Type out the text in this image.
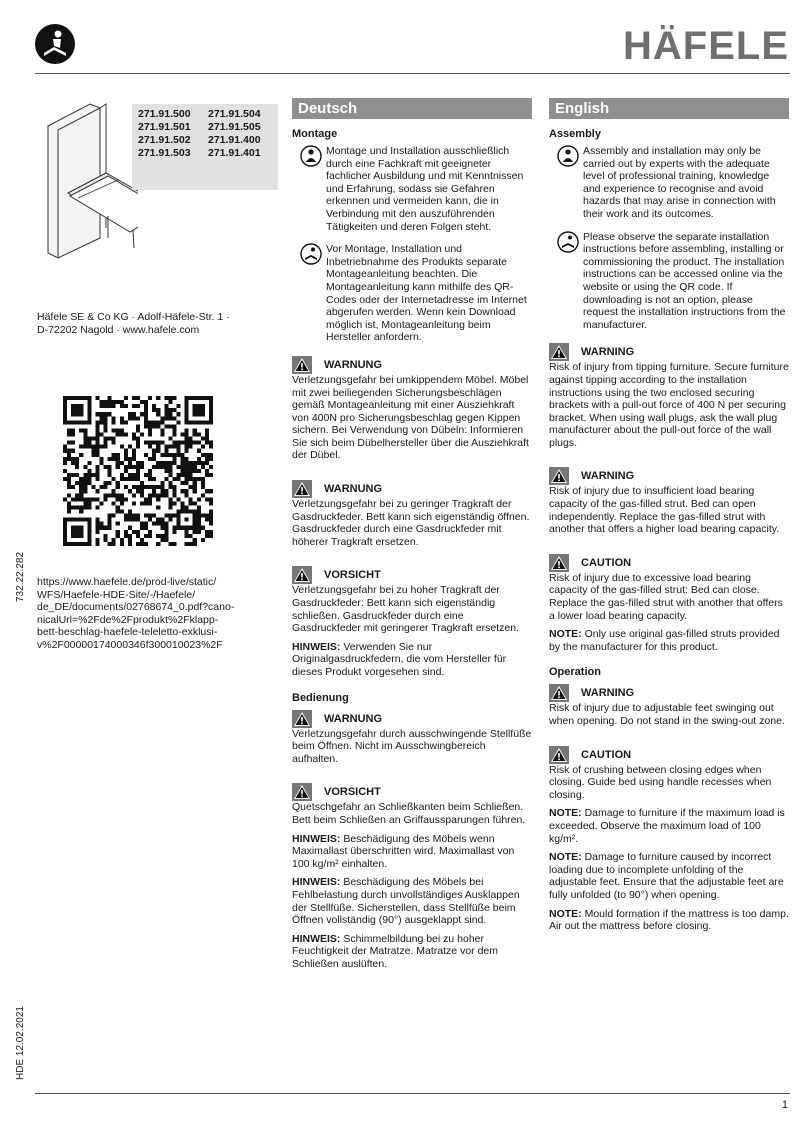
HÄFELE
271.91.500	271.91.504
271.91.501	271.91.505
271.91.502	271.91.400
271.91.503	271.91.401
Häfele SE & Co KG · Adolf-Häfele-Str. 1 ·
D-72202 Nagold · www.hafele.com
https://www.haefele.de/prod-live/static/
WFS/Haefele-HDE-Site/-/Haefele/
de_DE/documents/02768674_0.pdf?cano-
nicalUrl=%2Fde%2Fprodukt%2Fklapp-
bett-beschlag-haefele-teleletto-exklusi-
v%2F00000174000346f300010023%2F
732.22.282
HDE 12.02.2021
Deutsch
Montage
Montage und Installation ausschließlich durch eine Fachkraft mit geeigneter fachlicher Ausbildung und mit Kenntnissen und Erfahrung, sodass sie Gefahren erkennen und vermeiden kann, die in Verbindung mit den auszuführenden Tätigkeiten und deren Folgen steht.
Vor Montage, Installation und Inbetriebnahme des Produkts separate Montageanleitung beachten. Die Montageanleitung kann mithilfe des QR-Codes oder der Internetadresse im Internet abgerufen werden. Wenn kein Download möglich ist, Montageanleitung beim Hersteller anfordern.
WARNUNG
Verletzungsgefahr bei umkippendem Möbel. Möbel mit zwei beiliegenden Sicherungsbeschlägen gemäß Montageanleitung mit einer Ausziehkraft von 400N pro Sicherungsbeschlag gegen Kippen sichern. Bei Verwendung von Dübeln: Informieren Sie sich beim Dübelhersteller über die Ausziehkraft der Dübel.
WARNUNG
Verletzungsgefahr bei zu geringer Tragkraft der Gasdruckfeder. Bett kann sich eigenständig öffnen. Gasdruckfeder durch eine Gasdruckfeder mit höherer Tragkraft ersetzen.
VORSICHT
Verletzungsgefahr bei zu hoher Tragkraft der Gasdruckfeder: Bett kann sich eigenständig schließen. Gasdruckfeder durch eine Gasdruckfeder mit geringerer Tragkraft ersetzen.
HINWEIS: Verwenden Sie nur Originalgasdruckfedern, die vom Hersteller für dieses Produkt vorgesehen sind.
Bedienung
WARNUNG
Verletzungsgefahr durch ausschwingende Stellfüße beim Öffnen. Nicht im Ausschwingbereich aufhalten.
VORSICHT
Quetschgefahr an Schließkanten beim Schließen. Bett beim Schließen an Griffaussparungen führen.
HINWEIS: Beschädigung des Möbels wenn Maximallast überschritten wird. Maximallast von 100 kg/m² einhalten.
HINWEIS: Beschädigung des Möbels bei Fehlbelastung durch unvollständiges Ausklappen der Stellfüße. Sicherstellen, dass Stellfüße beim Öffnen vollständig (90°) ausgeklappt sind.
HINWEIS: Schimmelbildung bei zu hoher Feuchtigkeit der Matratze. Matratze vor dem Schließen auslüften.
English
Assembly
Assembly and installation may only be carried out by experts with the adequate level of professional training, knowledge and experience to recognise and avoid hazards that may arise in connection with their work and its outcomes.
Please observe the separate installation instructions before assembling, installing or commissioning the product. The installation instructions can be accessed online via the website or using the QR code. If downloading is not an option, please request the installation instructions from the manufacturer.
WARNING
Risk of injury from tipping furniture. Secure furniture against tipping according to the installation instructions using the two enclosed securing brackets with a pull-out force of 400 N per securing bracket. When using wall plugs, ask the wall plug manufacturer about the pull-out force of the wall plugs.
WARNING
Risk of injury due to insufficient load bearing capacity of the gas-filled strut. Bed can open independently. Replace the gas-filled strut with another that offers a higher load bearing capacity.
CAUTION
Risk of injury due to excessive load bearing capacity of the gas-filled strut: Bed can close. Replace the gas-filled strut with another that offers a lower load bearing capacity.
NOTE: Only use original gas-filled struts provided by the manufacturer for this product.
Operation
WARNING
Risk of injury due to adjustable feet swinging out when opening. Do not stand in the swing-out zone.
CAUTION
Risk of crushing between closing edges when closing. Guide bed using handle recesses when closing.
NOTE: Damage to furniture if the maximum load is exceeded. Observe the maximum load of 100 kg/m².
NOTE: Damage to furniture caused by incorrect loading due to incomplete unfolding of the adjustable feet. Ensure that the adjustable feet are fully unfolded (to 90°) when opening.
NOTE: Mould formation if the mattress is too damp. Air out the mattress before closing.
1
